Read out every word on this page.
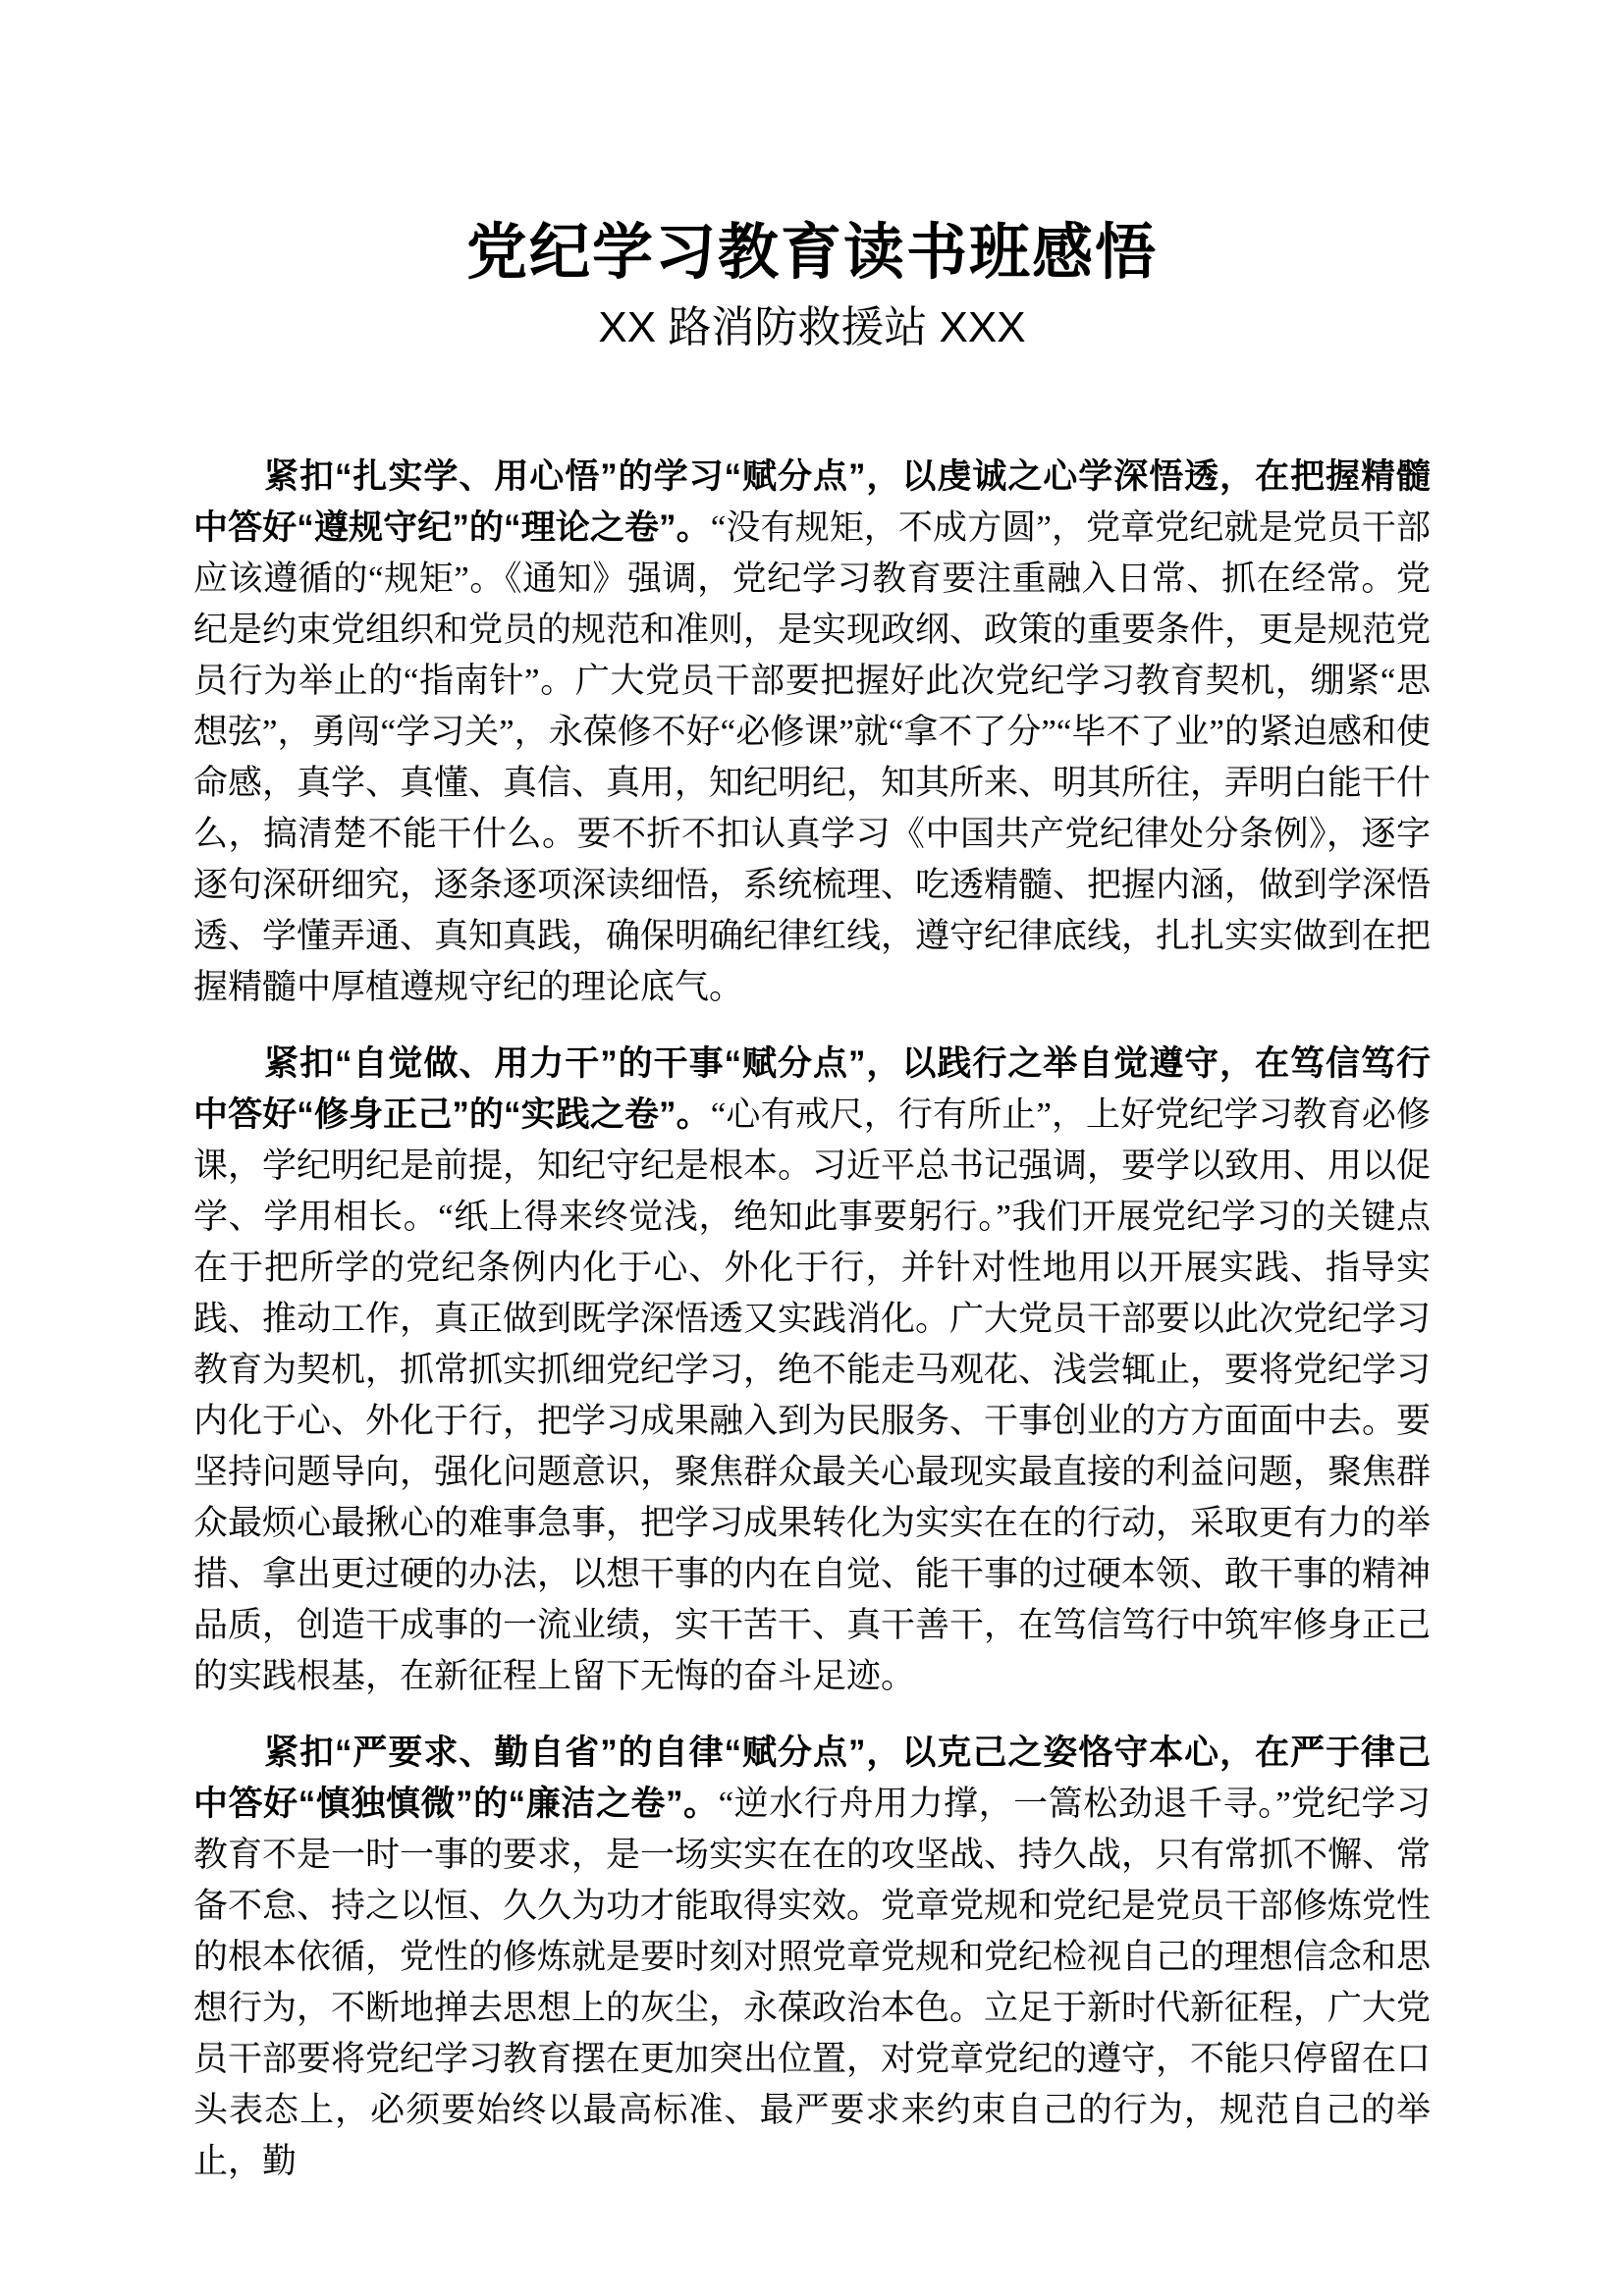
党纪学习教育读书班感悟
XX 路消防救援站 XXX

紧扣“扎实学、用心悟”的学习“赋分点”，以虔诚之心学深悟透，在把握精髓中答好“遵规守纪”的“理论之卷”。“没有规矩，不成方圆”，党章党纪就是党员干部应该遵循的“规矩”。《通知》强调，党纪学习教育要注重融入日常、抓在经常。党纪是约束党组织和党员的规范和准则，是实现政纲、政策的重要条件，更是规范党员行为举止的“指南针”。广大党员干部要把握好此次党纪学习教育契机，绷紧“思想弦”，勇闯“学习关”，永葆修不好“必修课”就“拿不了分”“毕不了业”的紧迫感和使命感，真学、真懂、真信、真用，知纪明纪，知其所来、明其所往，弄明白能干什么，搞清楚不能干什么。要不折不扣认真学习《中国共产党纪律处分条例》，逐字逐句深研细究，逐条逐项深读细悟，系统梳理、吃透精髓、把握内涵，做到学深悟透、学懂弄通、真知真践，确保明确纪律红线，遵守纪律底线，扎扎实实做到在把握精髓中厚植遵规守纪的理论底气。

紧扣“自觉做、用力干”的干事“赋分点”，以践行之举自觉遵守，在笃信笃行中答好“修身正己”的“实践之卷”。“心有戒尺，行有所止”，上好党纪学习教育必修课，学纪明纪是前提，知纪守纪是根本。习近平总书记强调，要学以致用、用以促学、学用相长。“纸上得来终觉浅，绝知此事要躬行。”我们开展党纪学习的关键点在于把所学的党纪条例内化于心、外化于行，并针对性地用以开展实践、指导实践、推动工作，真正做到既学深悟透又实践消化。广大党员干部要以此次党纪学习教育为契机，抓常抓实抓细党纪学习，绝不能走马观花、浅尝辄止，要将党纪学习内化于心、外化于行，把学习成果融入到为民服务、干事创业的方方面面中去。要坚持问题导向，强化问题意识，聚焦群众最关心最现实最直接的利益问题，聚焦群众最烦心最揪心的难事急事，把学习成果转化为实实在在的行动，采取更有力的举措、拿出更过硬的办法，以想干事的内在自觉、能干事的过硬本领、敢干事的精神品质，创造干成事的一流业绩，实干苦干、真干善干，在笃信笃行中筑牢修身正己的实践根基，在新征程上留下无悔的奋斗足迹。

紧扣“严要求、勤自省”的自律“赋分点”，以克己之姿恪守本心，在严于律己中答好“慎独慎微”的“廉洁之卷”。“逆水行舟用力撑，一篙松劲退千寻。”党纪学习教育不是一时一事的要求，是一场实实在在的攻坚战、持久战，只有常抓不懈、常备不怠、持之以恒、久久为功才能取得实效。党章党规和党纪是党员干部修炼党性的根本依循，党性的修炼就是要时刻对照党章党规和党纪检视自己的理想信念和思想行为，不断地掸去思想上的灰尘，永葆政治本色。立足于新时代新征程，广大党员干部要将党纪学习教育摆在更加突出位置，对党章党纪的遵守，不能只停留在口头表态上，必须要始终以最高标准、最严要求来约束自己的行为，规范自己的举止，勤
